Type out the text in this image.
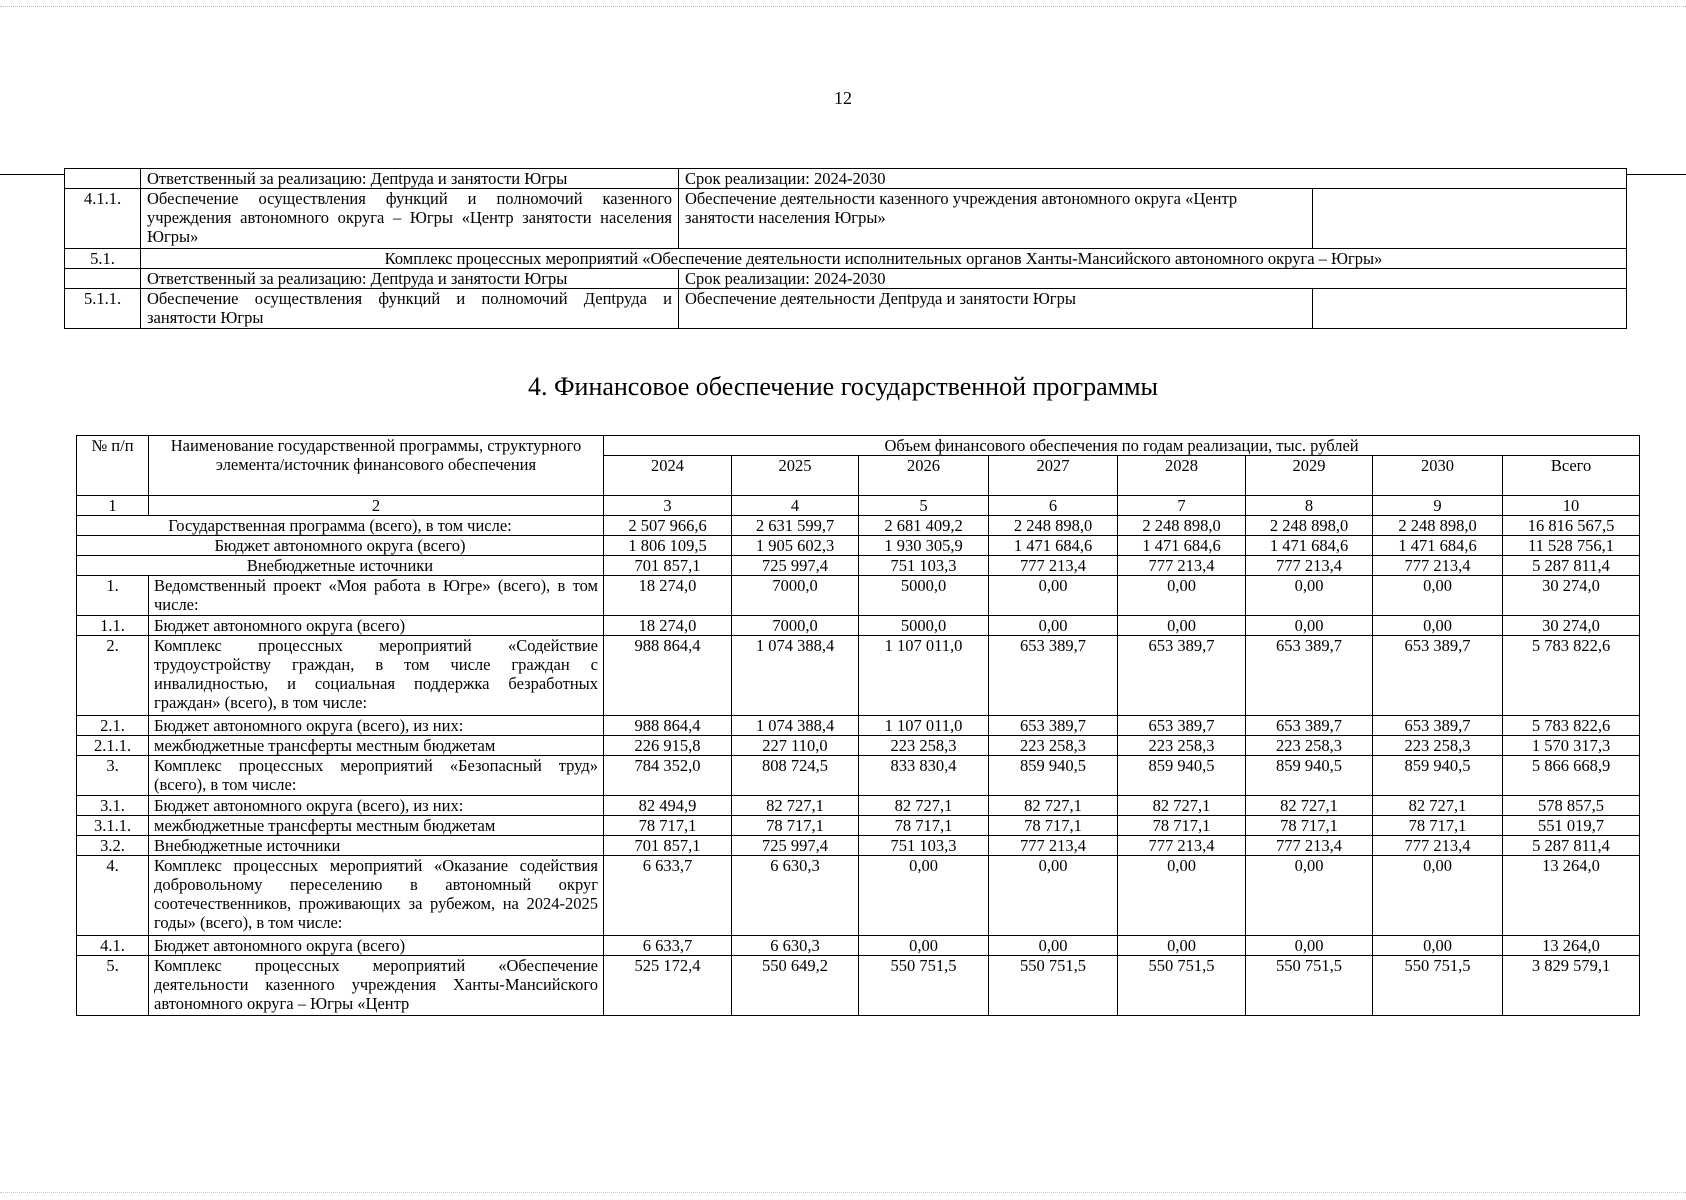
12
	Ответственный за реализацию: Депtруда и занятости Югры	Срок реализации: 2024-2030	
4.1.1.	Обеспечение осуществления функций и полномочий казенного учреждения автономного округа – Югры «Центр занятости населения Югры»	Обеспечение деятельности казенного учреждения автономного округа «Центр занятости населения Югры»	
5.1.	Комплекс процессных мероприятий «Обеспечение деятельности исполнительных органов Ханты-Мансийского автономного округа – Югры»		
	Ответственный за реализацию: Депtруда и занятости Югры	Срок реализации: 2024-2030	
5.1.1.	Обеспечение осуществления функций и полномочий Депtруда и занятости Югры	Обеспечение деятельности Депtруда и занятости Югры	
4. Финансовое обеспечение государственной программы
№ п/п	Наименование государственной программы, структурного элемента/источник финансового обеспечения	Объем финансового обеспечения по годам реализации, тыс. рублей							
		2024	2025	2026	2027	2028	2029	2030	Всего
1	2	3	4	5	6	7	8	9	10
Государственная программа (всего), в том числе:		2 507 966,6	2 631 599,7	2 681 409,2	2 248 898,0	2 248 898,0	2 248 898,0	2 248 898,0	16 816 567,5
Бюджет автономного округа (всего)		1 806 109,5	1 905 602,3	1 930 305,9	1 471 684,6	1 471 684,6	1 471 684,6	1 471 684,6	11 528 756,1
Внебюджетные источники		701 857,1	725 997,4	751 103,3	777 213,4	777 213,4	777 213,4	777 213,4	5 287 811,4
1.	Ведомственный проект «Моя работа в Югре» (всего), в том числе:	18 274,0	7000,0	5000,0	0,00	0,00	0,00	0,00	30 274,0
1.1.	Бюджет автономного округа (всего)	18 274,0	7000,0	5000,0	0,00	0,00	0,00	0,00	30 274,0
2.	Комплекс процессных мероприятий «Содействие трудоустройству граждан, в том числе граждан с инвалидностью, и социальная поддержка безработных граждан» (всего), в том числе:	988 864,4	1 074 388,4	1 107 011,0	653 389,7	653 389,7	653 389,7	653 389,7	5 783 822,6
2.1.	Бюджет автономного округа (всего), из них:	988 864,4	1 074 388,4	1 107 011,0	653 389,7	653 389,7	653 389,7	653 389,7	5 783 822,6
2.1.1.	межбюджетные трансферты местным бюджетам	226 915,8	227 110,0	223 258,3	223 258,3	223 258,3	223 258,3	223 258,3	1 570 317,3
3.	Комплекс процессных мероприятий «Безопасный труд» (всего), в том числе:	784 352,0	808 724,5	833 830,4	859 940,5	859 940,5	859 940,5	859 940,5	5 866 668,9
3.1.	Бюджет автономного округа (всего), из них:	82 494,9	82 727,1	82 727,1	82 727,1	82 727,1	82 727,1	82 727,1	578 857,5
3.1.1.	межбюджетные трансферты местным бюджетам	78 717,1	78 717,1	78 717,1	78 717,1	78 717,1	78 717,1	78 717,1	551 019,7
3.2.	Внебюджетные источники	701 857,1	725 997,4	751 103,3	777 213,4	777 213,4	777 213,4	777 213,4	5 287 811,4
4.	Комплекс процессных мероприятий «Оказание содействия добровольному переселению в автономный округ соотечественников, проживающих за рубежом, на 2024-2025 годы» (всего), в том числе:	6 633,7	6 630,3	0,00	0,00	0,00	0,00	0,00	13 264,0
4.1.	Бюджет автономного округа (всего)	6 633,7	6 630,3	0,00	0,00	0,00	0,00	0,00	13 264,0
5.	Комплекс процессных мероприятий «Обеспечение деятельности казенного учреждения Ханты-Мансийского автономного округа – Югры «Центр	525 172,4	550 649,2	550 751,5	550 751,5	550 751,5	550 751,5	550 751,5	3 829 579,1
